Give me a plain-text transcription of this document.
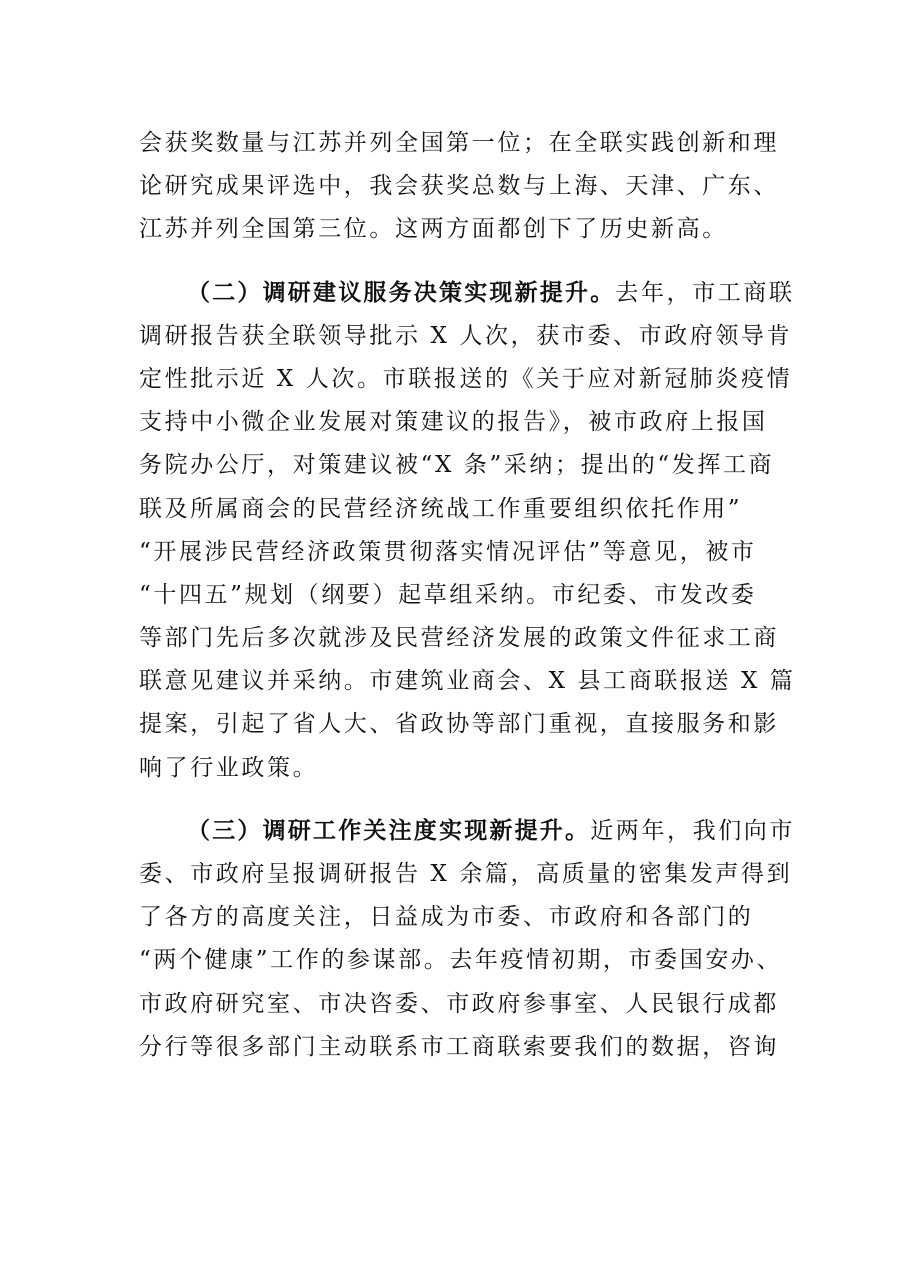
会获奖数量与江苏并列全国第一位；在全联实践创新和理
论研究成果评选中，我会获奖总数与上海、天津、广东、
江苏并列全国第三位。这两方面都创下了历史新高。
（二）调研建议服务决策实现新提升。去年，市工商联
调研报告获全联领导批示 X 人次，获市委、市政府领导肯
定性批示近 X 人次。市联报送的《关于应对新冠肺炎疫情
支持中小微企业发展对策建议的报告》，被市政府上报国
务院办公厅，对策建议被“X 条”采纳；提出的“发挥工商
联及所属商会的民营经济统战工作重要组织依托作用”
“开展涉民营经济政策贯彻落实情况评估”等意见，被市
“十四五”规划（纲要）起草组采纳。市纪委、市发改委
等部门先后多次就涉及民营经济发展的政策文件征求工商
联意见建议并采纳。市建筑业商会、X 县工商联报送 X 篇
提案，引起了省人大、省政协等部门重视，直接服务和影
响了行业政策。
（三）调研工作关注度实现新提升。近两年，我们向市
委、市政府呈报调研报告 X 余篇，高质量的密集发声得到
了各方的高度关注，日益成为市委、市政府和各部门的
“两个健康”工作的参谋部。去年疫情初期，市委国安办、
市政府研究室、市决咨委、市政府参事室、人民银行成都
分行等很多部门主动联系市工商联索要我们的数据，咨询
